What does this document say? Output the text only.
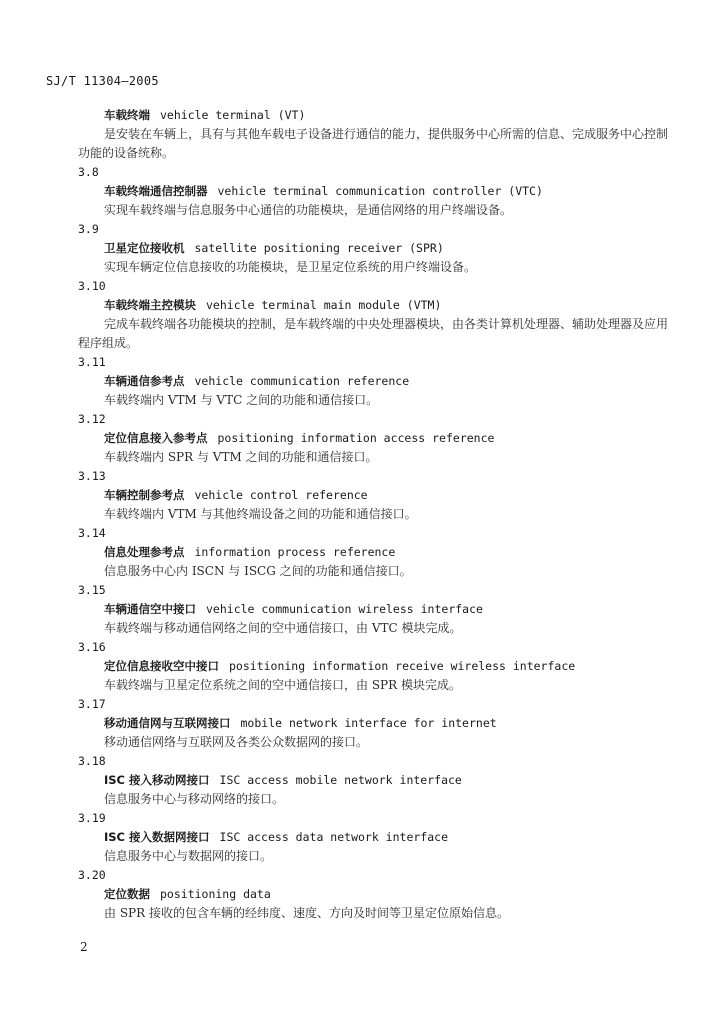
SJ/T 11304—2005
车载终端 vehicle terminal (VT)
是安装在车辆上，具有与其他车载电子设备进行通信的能力，提供服务中心所需的信息、完成服务中心控制功能的设备统称。
3.8
车载终端通信控制器 vehicle terminal communication controller (VTC)
实现车载终端与信息服务中心通信的功能模块，是通信网络的用户终端设备。
3.9
卫星定位接收机 satellite positioning receiver (SPR)
实现车辆定位信息接收的功能模块，是卫星定位系统的用户终端设备。
3.10
车载终端主控模块 vehicle terminal main module (VTM)
完成车载终端各功能模块的控制，是车载终端的中央处理器模块，由各类计算机处理器、辅助处理器及应用程序组成。
3.11
车辆通信参考点 vehicle communication reference
车载终端内 VTM 与 VTC 之间的功能和通信接口。
3.12
定位信息接入参考点 positioning information access reference
车载终端内 SPR 与 VTM 之间的功能和通信接口。
3.13
车辆控制参考点 vehicle control reference
车载终端内 VTM 与其他终端设备之间的功能和通信接口。
3.14
信息处理参考点 information process reference
信息服务中心内 ISCN 与 ISCG 之间的功能和通信接口。
3.15
车辆通信空中接口 vehicle communication wireless interface
车载终端与移动通信网络之间的空中通信接口，由 VTC 模块完成。
3.16
定位信息接收空中接口 positioning information receive wireless interface
车载终端与卫星定位系统之间的空中通信接口，由 SPR 模块完成。
3.17
移动通信网与互联网接口 mobile network interface for internet
移动通信网络与互联网及各类公众数据网的接口。
3.18
ISC 接入移动网接口 ISC access mobile network interface
信息服务中心与移动网络的接口。
3.19
ISC 接入数据网接口 ISC access data network interface
信息服务中心与数据网的接口。
3.20
定位数据 positioning data
由 SPR 接收的包含车辆的经纬度、速度、方向及时间等卫星定位原始信息。
2
